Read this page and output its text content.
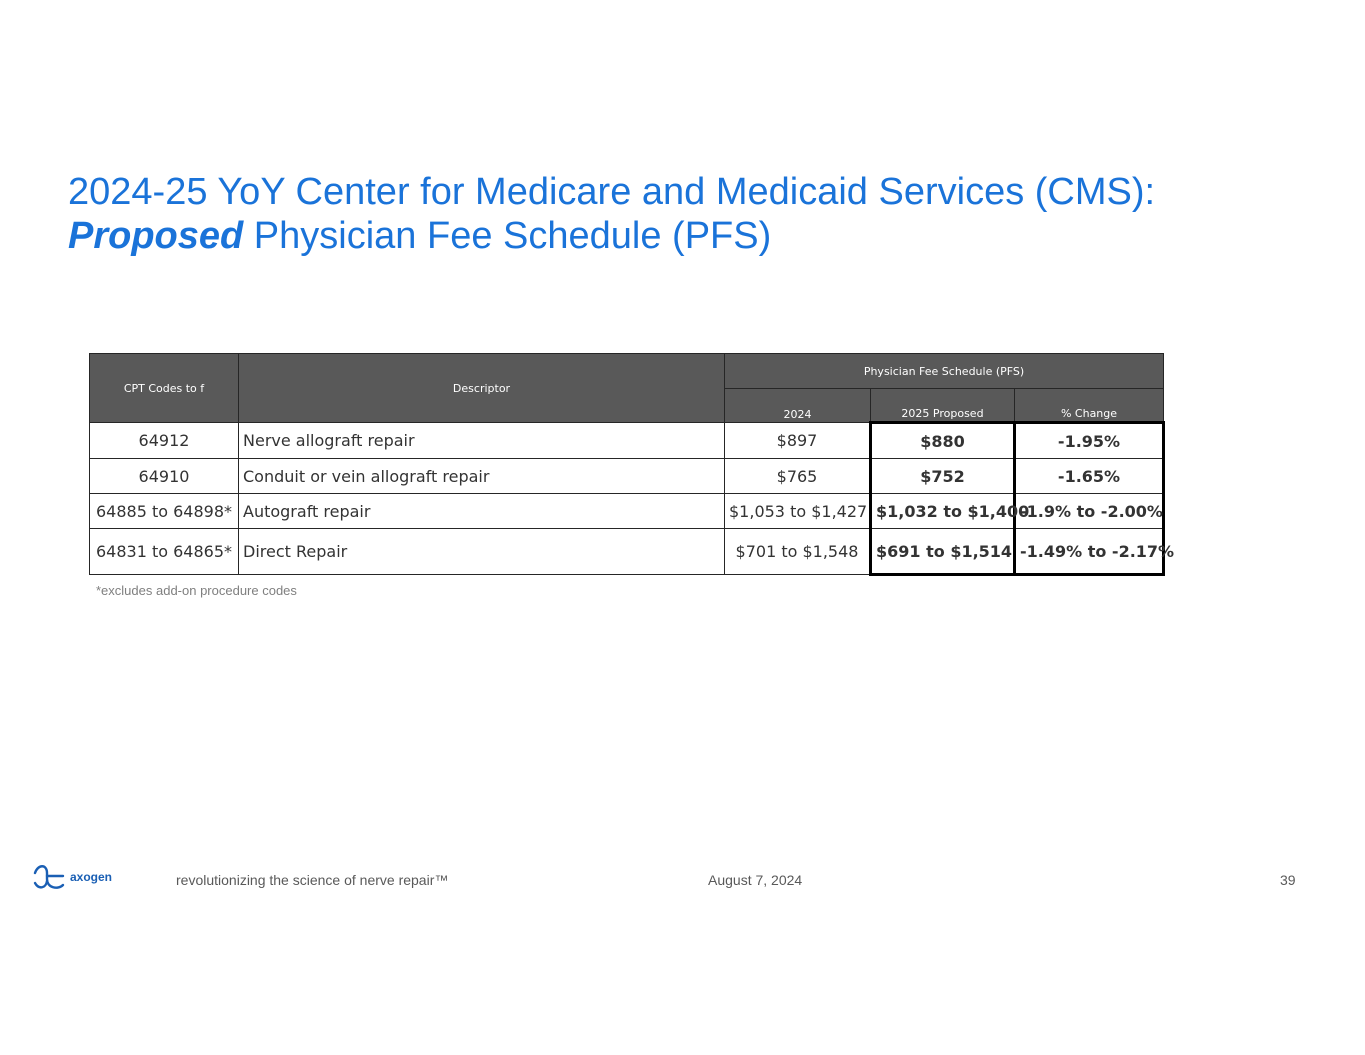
2024-25 YoY Center for Medicare and Medicaid Services (CMS):
Proposed Physician Fee Schedule (PFS)
CPT Codes to f	Descriptor	Physician Fee Schedule (PFS)		

		2024	2025 Proposed	% Change

64912	Nerve allograft repair	$897	$880	-1.95%
64910	Conduit or vein allograft repair	$765	$752	-1.65%
64885 to 64898*	Autograft repair	$1,053 to $1,427	$1,032 to $1,400	-1.9% to -2.00%
64831 to 64865*	Direct Repair	$701 to $1,548	$691 to $1,514	-1.49% to -2.17%
*excludes add-on procedure codes
axogen	revolutionizing the science of nerve repair™	August 7, 2024	39
